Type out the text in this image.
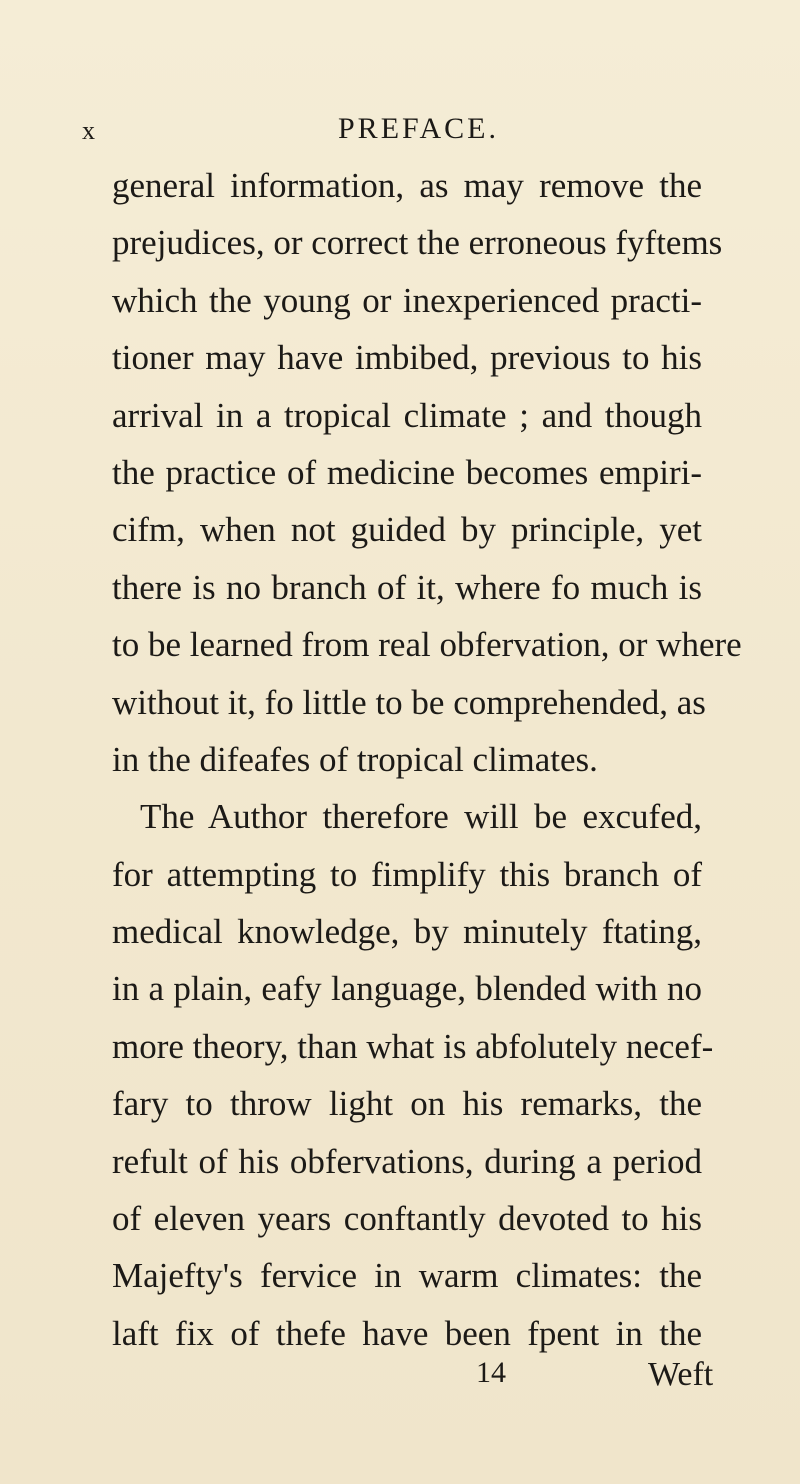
x	PREFACE.
general information, as may remove the
prejudices, or correct the erroneous fyftems
which the young or inexperienced practi-
tioner may have imbibed, previous to his
arrival in a tropical climate ; and though
the practice of medicine becomes empiri-
cifm, when not guided by principle, yet
there is no branch of it, where fo much is
to be learned from real obfervation, or where
without it, fo little to be comprehended, as
in the difeafes of tropical climates.
The Author therefore will be excufed,
for attempting to fimplify this branch of
medical knowledge, by minutely ftating,
in a plain, eafy language, blended with no
more theory, than what is abfolutely necef-
fary to throw light on his remarks, the
refult of his obfervations, during a period
of eleven years conftantly devoted to his
Majefty's fervice in warm climates: the
laft fix of thefe have been fpent in the
14	Weft
